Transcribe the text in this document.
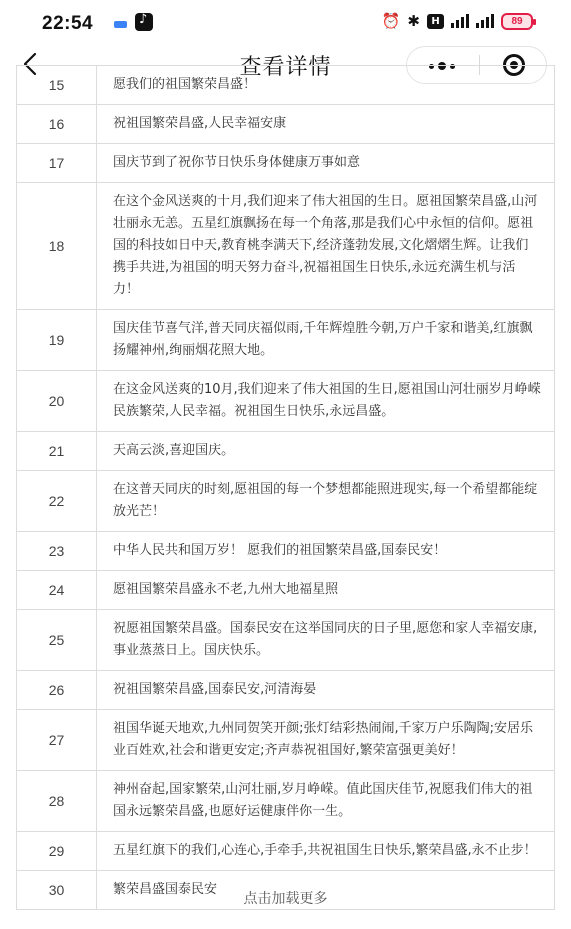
22:54 ♪	⏰ ✱	H	89
查看详情
15	愿我们的祖国繁荣昌盛！
16	祝祖国繁荣昌盛,人民幸福安康
17	国庆节到了祝你节日快乐身体健康万事如意
18	在这个金风送爽的十月,我们迎来了伟大祖国的生日。愿祖国繁荣昌盛,山河壮丽永无恙。五星红旗飘扬在每一个角落,那是我们心中永恒的信仰。愿祖国的科技如日中天,教育桃李满天下,经济蓬勃发展,文化熠熠生辉。让我们携手共进,为祖国的明天努力奋斗,祝福祖国生日快乐,永远充满生机与活力！
19	国庆佳节喜气洋,普天同庆福似雨,千年辉煌胜今朝,万户千家和谐美,红旗飘扬耀神州,绚丽烟花照大地。
20	在这金风送爽的10月,我们迎来了伟大祖国的生日,愿祖国山河壮丽岁月峥嵘民族繁荣,人民幸福。祝祖国生日快乐,永远昌盛。
21	天高云淡,喜迎国庆。
22	在这普天同庆的时刻,愿祖国的每一个梦想都能照进现实,每一个希望都能绽放光芒！
23	中华人民共和国万岁！ 愿我们的祖国繁荣昌盛,国泰民安！
24	愿祖国繁荣昌盛永不老,九州大地福星照
25	祝愿祖国繁荣昌盛。国泰民安在这举国同庆的日子里,愿您和家人幸福安康,事业蒸蒸日上。国庆快乐。
26	祝祖国繁荣昌盛,国泰民安,河清海晏
27	祖国华诞天地欢,九州同贺笑开颜;张灯结彩热闹闹,千家万户乐陶陶;安居乐业百姓欢,社会和谐更安定;齐声恭祝祖国好,繁荣富强更美好！
28	神州奋起,国家繁荣,山河壮丽,岁月峥嵘。值此国庆佳节,祝愿我们伟大的祖国永远繁荣昌盛,也愿好运健康伴你一生。
29	五星红旗下的我们,心连心,手牵手,共祝祖国生日快乐,繁荣昌盛,永不止步！
30	繁荣昌盛国泰民安
点击加载更多
